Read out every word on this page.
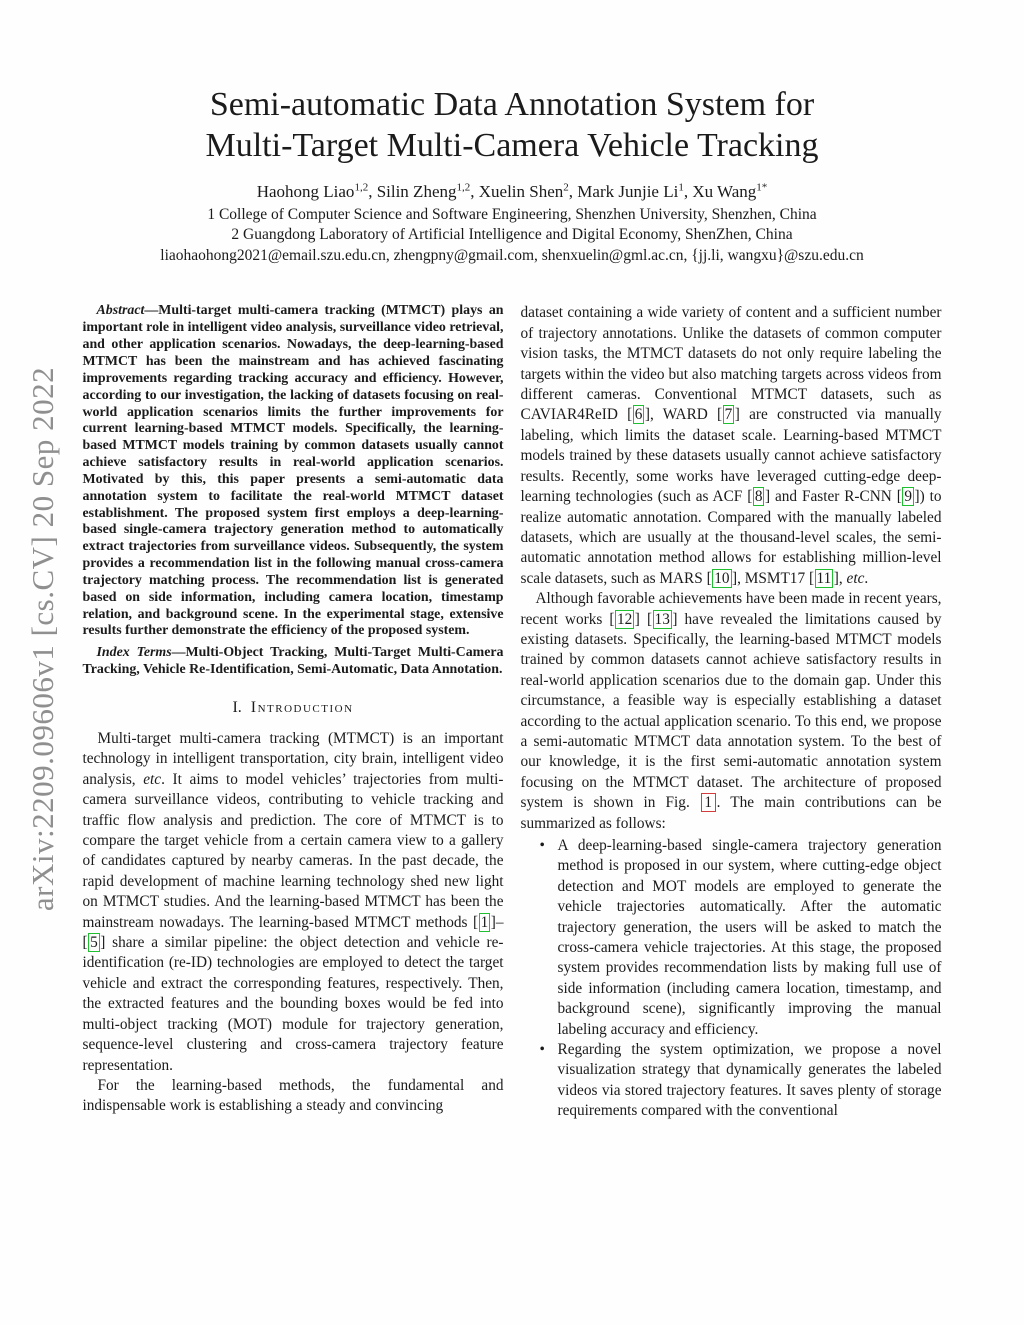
arXiv:2209.09606v1 [cs.CV] 20 Sep 2022
Semi-automatic Data Annotation System for
Multi-Target Multi-Camera Vehicle Tracking
Haohong Liao$^{1,2}$, Silin Zheng$^{1,2}$, Xuelin Shen$^2$, Mark Junjie Li$^1$, Xu Wang$^{1*}$
1 College of Computer Science and Software Engineering, Shenzhen University, Shenzhen, China
2 Guangdong Laboratory of Artificial Intelligence and Digital Economy, ShenZhen, China
liaohaohong2021@email.szu.edu.cn, zhengpny@gmail.com, shenxuelin@gml.ac.cn, {jj.li, wangxu}@szu.edu.cn

Abstract—Multi-target multi-camera tracking (MTMCT) plays an important role in intelligent video analysis, surveillance video retrieval, and other application scenarios. Nowadays, the deep-learning-based MTMCT has been the mainstream and has achieved fascinating improvements regarding tracking accuracy and efficiency. However, according to our investigation, the lacking of datasets focusing on real-world application scenarios limits the further improvements for current learning-based MTMCT models. Specifically, the learning-based MTMCT models training by common datasets usually cannot achieve satisfactory results in real-world application scenarios. Motivated by this, this paper presents a semi-automatic data annotation system to facilitate the real-world MTMCT dataset establishment. The proposed system first employs a deep-learning-based single-camera trajectory generation method to automatically extract trajectories from surveillance videos. Subsequently, the system provides a recommendation list in the following manual cross-camera trajectory matching process. The recommendation list is generated based on side information, including camera location, timestamp relation, and background scene. In the experimental stage, extensive results further demonstrate the efficiency of the proposed system.

Index Terms—Multi-Object Tracking, Multi-Target Multi-Camera Tracking, Vehicle Re-Identification, Semi-Automatic, Data Annotation.

I. Introduction

Multi-target multi-camera tracking (MTMCT) is an important technology in intelligent transportation, city brain, intelligent video analysis, etc. It aims to model vehicles’ trajectories from multi-camera surveillance videos, contributing to vehicle tracking and traffic flow analysis and prediction. The core of MTMCT is to compare the target vehicle from a certain camera view to a gallery of candidates captured by nearby cameras. In the past decade, the rapid development of machine learning technology shed new light on MTMCT studies. And the learning-based MTMCT has been the mainstream nowadays. The learning-based MTMCT methods [ 1 ]–[ 5 ] share a similar pipeline: the object detection and vehicle re-identification (re-ID) technologies are employed to detect the target vehicle and extract the corresponding features, respectively. Then, the extracted features and the bounding boxes would be fed into multi-object tracking (MOT) module for trajectory generation, sequence-level clustering and cross-camera trajectory feature representation.

For the learning-based methods, the fundamental and indispensable work is establishing a steady and convincing

dataset containing a wide variety of content and a sufficient number of trajectory annotations. Unlike the datasets of common computer vision tasks, the MTMCT datasets do not only require labeling the targets within the video but also matching targets across videos from different cameras. Conventional MTMCT datasets, such as CAVIAR4ReID [ 6 ], WARD [ 7 ] are constructed via manually labeling, which limits the dataset scale. Learning-based MTMCT models trained by these datasets usually cannot achieve satisfactory results. Recently, some works have leveraged cutting-edge deep-learning technologies (such as ACF [ 8 ] and Faster R-CNN [ 9 ]) to realize automatic annotation. Compared with the manually labeled datasets, which are usually at the thousand-level scales, the semi-automatic annotation method allows for establishing million-level scale datasets, such as MARS [ 10 ], MSMT17 [ 11 ], etc.

Although favorable achievements have been made in recent years, recent works [ 12 ] [ 13 ] have revealed the limitations caused by existing datasets. Specifically, the learning-based MTMCT models trained by common datasets cannot achieve satisfactory results in real-world application scenarios due to the domain gap. Under this circumstance, a feasible way is especially establishing a dataset according to the actual application scenario. To this end, we propose a semi-automatic MTMCT data annotation system. To the best of our knowledge, it is the first semi-automatic annotation system focusing on the MTMCT dataset. The architecture of proposed system is shown in Fig. 1 . The main contributions can be summarized as follows:

• A deep-learning-based single-camera trajectory generation method is proposed in our system, where cutting-edge object detection and MOT models are employed to generate the vehicle trajectories automatically. After the automatic trajectory generation, the users will be asked to match the cross-camera vehicle trajectories. At this stage, the proposed system provides recommendation lists by making full use of side information (including camera location, timestamp, and background scene), significantly improving the manual labeling accuracy and efficiency.
• Regarding the system optimization, we propose a novel visualization strategy that dynamically generates the labeled videos via stored trajectory features. It saves plenty of storage requirements compared with the conventional
